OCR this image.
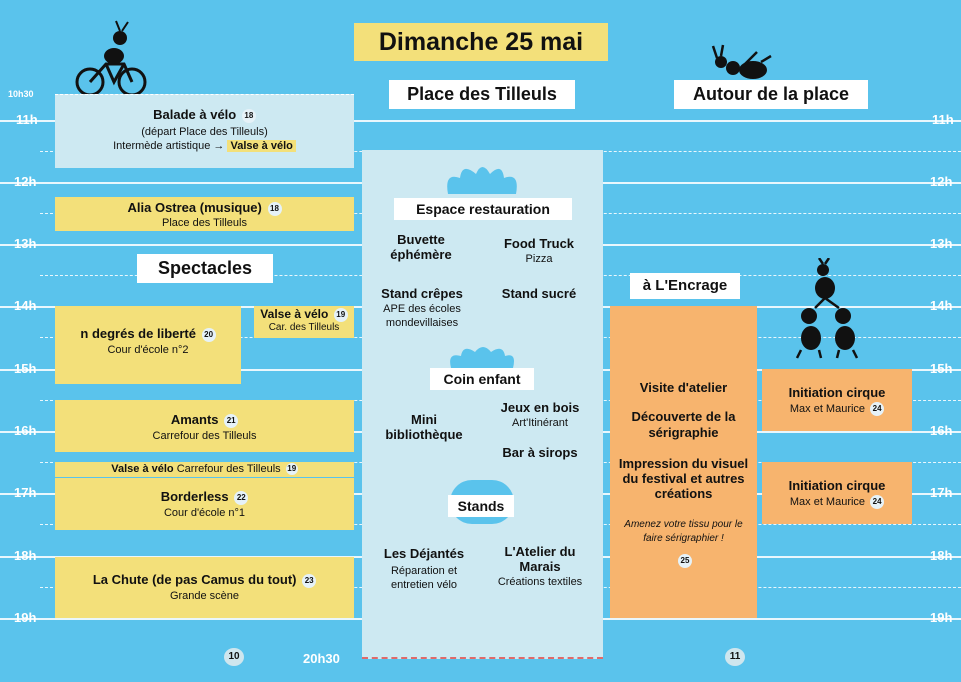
10h30
11h
12h
13h
14h
15h
16h
17h
18h
19h
11h
12h
13h
14h
15h
16h
17h
18h
19h
Dimanche 25 mai
Place des Tilleuls	Autour de la place
Spectacles
à L'Encrage
Balade à vélo 18
(départ Place des Tilleuls)
Intermède artistique → Valse à vélo
Alia Ostrea (musique) 18
Place des Tilleuls
n degrés de liberté 20
Cour d'école n°2
Valse à vélo 19
Car. des Tilleuls
Amants 21
Carrefour des Tilleuls
Valse à vélo Carrefour des Tilleuls 19
Borderless 22
Cour d'école n°1
La Chute (de pas Camus du tout) 23
Grande scène
Espace restauration
Buvette éphémère
Food Truck
Pizza
Stand crêpes
APE des écoles mondevillaises
Stand sucré
Coin enfant
Mini bibliothèque
Jeux en bois
Art'Itinérant
Bar à sirops
Stands
Les Déjantés
Réparation et entretien vélo
L'Atelier du Marais
Créations textiles
20h30
Visite d'atelier
Découverte de la sérigraphie
Impression du visuel du festival et autres créations
Amenez votre tissu pour le faire sérigraphier !
25
Initiation cirque
Max et Maurice 24
Initiation cirque
Max et Maurice 24
10	11
